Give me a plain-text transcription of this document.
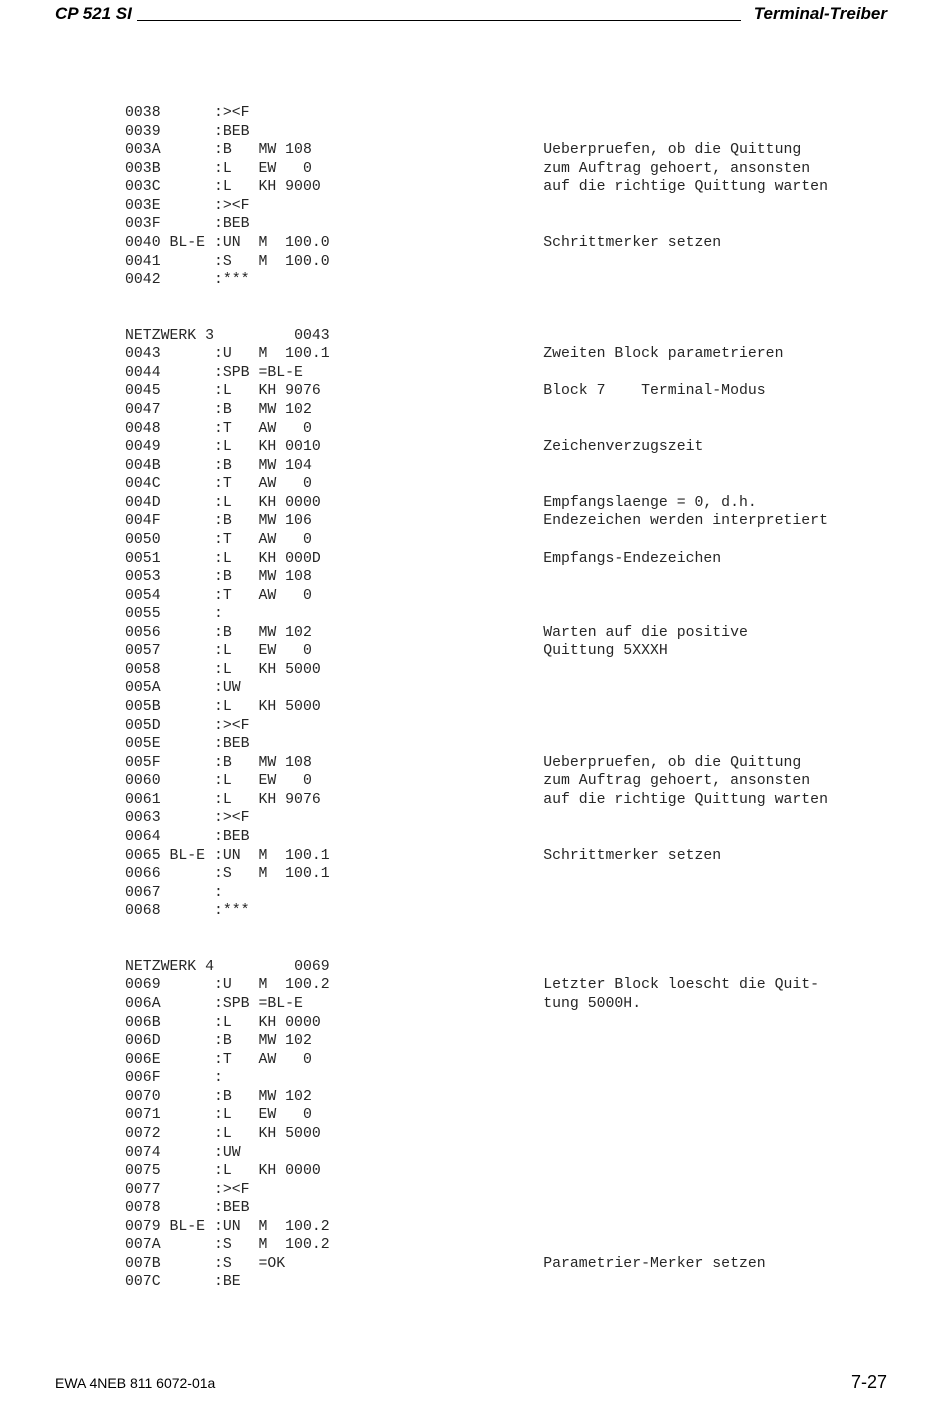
CP 521 SI	Terminal-Treiber
0038	:><F
0039	:BEB
003A	:B   MW 108	Ueberpruefen, ob die Quittung
003B	:L   EW   0	zum Auftrag gehoert, ansonsten
003C	:L   KH 9000	auf die richtige Quittung warten
003E	:><F
003F	:BEB
0040 BL-E :UN  M  100.0	Schrittmerker setzen
0041	:S   M  100.0
0042	:***
NETZWERK 3	0043
0043	:U   M  100.1	Zweiten Block parametrieren
0044	:SPB =BL-E
0045	:L   KH 9076	Block 7    Terminal-Modus
0047	:B   MW 102
0048	:T   AW   0
0049	:L   KH 0010	Zeichenverzugszeit
004B	:B   MW 104
004C	:T   AW   0
004D	:L   KH 0000	Empfangslaenge = 0, d.h.
004F	:B   MW 106	Endezeichen werden interpretiert
0050	:T   AW   0
0051	:L   KH 000D	Empfangs-Endezeichen
0053	:B   MW 108
0054	:T   AW   0
0055	:
0056	:B   MW 102	Warten auf die positive
0057	:L   EW   0	Quittung 5XXXH
0058	:L   KH 5000
005A	:UW
005B	:L   KH 5000
005D	:><F
005E	:BEB
005F	:B   MW 108	Ueberpruefen, ob die Quittung
0060	:L   EW   0	zum Auftrag gehoert, ansonsten
0061	:L   KH 9076	auf die richtige Quittung warten
0063	:><F
0064	:BEB
0065 BL-E :UN  M  100.1	Schrittmerker setzen
0066	:S   M  100.1
0067	:
0068	:***
NETZWERK 4	0069
0069	:U   M  100.2	Letzter Block loescht die Quit-
006A	:SPB =BL-E	tung 5000H.
006B	:L   KH 0000
006D	:B   MW 102
006E	:T   AW   0
006F	:
0070	:B   MW 102
0071	:L   EW   0
0072	:L   KH 5000
0074	:UW
0075	:L   KH 0000
0077	:><F
0078	:BEB
0079 BL-E :UN  M  100.2
007A	:S   M  100.2
007B	:S   =OK	Parametrier-Merker setzen
007C	:BE
EWA 4NEB 811 6072-01a	7-27
